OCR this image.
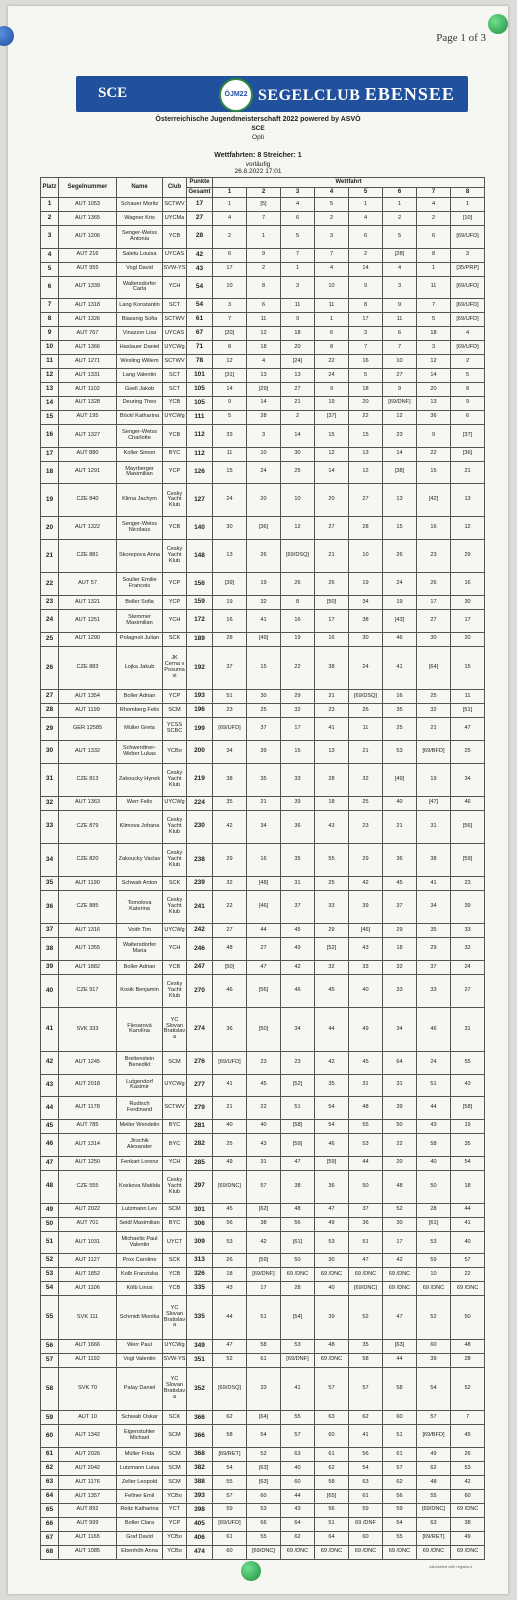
Page 1 of 3
SCE	ÖJM22 SEGELCLUB EBENSEE
Österreichische Jugendmeisterschaft 2022 powered by ASVÖ
SCE
Opti
Wettfahrten: 8 Streicher: 1
vorläufig
26.8.2022 17:01
Platz	Segelnummer	Name	Club	Punkte	Wettfahrt							
				Gesamt	1	2	3	4	5	6	7	8
1	AUT 1053	Schauer Moritz	SCTWV	17	1	[5]	4	5	1	1	4	1
2	AUT 1365	Wagner Kris	UYCMa	27	4	7	6	2	4	2	2	[10]
3	AUT 1206	Senger-Weiss Antonia	YCB	28	2	1	5	3	6	5	6	[69/UFD]
4	AUT 216	Saletu Louisa	UYCAS	42	6	9	7	7	2	[28]	8	3
5	AUT 955	Vogl David	SVW-YS	43	17	2	1	4	14	4	1	[35/PRP]
6	AUT 1339	Waltersdorfer Carla	YCH	54	10	8	3	10	9	3	11	[69/UFD]
7	AUT 1318	Lang Konstantin	SCT	54	3	6	11	11	8	9	7	[69/UFD]
8	AUT 1326	Blassnig Sofia	SCTWV	61	7	11	9	1	17	11	5	[69/UFD]
9	AUT 767	Vinazzer Lisa	UYCAS	67	[20]	12	18	6	3	6	18	4
10	AUT 1366	Haslauer Daniel	UYCWg	71	8	18	20	8	7	7	3	[69/UFD]
11	AUT 1271	Wesling Willem	SCTWV	78	12	4	[24]	22	16	10	12	2
12	AUT 1331	Lang Valentin	SCT	101	[31]	13	13	24	5	27	14	5
13	AUT 1102	Gsell Jakob	SCT	105	14	[29]	27	9	18	9	20	8
14	AUT 1328	Deuring Theo	YCB	105	9	14	21	19	20	[69/DNF]	13	9
15	AUT 195	Böckl Katharina	UYCWg	111	5	28	2	[37]	22	12	36	6
16	AUT 1327	Senger-Weiss Charlotte	YCB	112	33	3	14	15	15	23	9	[37]
17	AUT 880	Koller Simon	BYC	112	11	10	30	12	13	14	22	[36]
18	AUT 1291	Mayrberger Maximilian	YCP	126	15	24	25	14	12	[38]	15	21
19	CZE 840	Klima Jachym	Cesky Yacht Klub	127	24	20	10	20	27	13	[42]	13
20	AUT 1322	Senger-Weiss Nicolaus	YCB	140	30	[36]	12	27	28	15	16	12
21	CZE 881	Skorepova Anna	Cesky Yacht Klub	148	13	26	[69/DSQ]	21	10	26	23	29
22	AUT 57	Soulier Emilie Francois	YCP	156	[39]	19	26	26	19	24	26	16
23	AUT 1321	Boller Sofia	YCP	159	19	32	8	[50]	34	19	17	30
24	AUT 1251	Stemmer Maximilian	YCH	172	16	41	16	17	38	[43]	27	17
25	AUT 1290	Polagnoli Julian	SCK	189	28	[49]	19	16	30	46	30	20
26	CZE 883	Lojka Jakub	JK Cerna v Posumavi	192	37	15	22	38	24	41	[64]	15
27	AUT 1354	Boller Adrian	YCP	193	51	30	29	31	[69/DSQ]	16	25	11
28	AUT 1199	Rhomberg Felix	SCM	196	23	25	32	23	26	35	32	[51]
29	GER 12585	Müller Greta	YCSS SCBC	199	[69/UFD]	37	17	41	11	25	21	47
30	AUT 1332	Schwerdtner-Weber Lukas	YCBo	200	34	39	15	13	21	53	[69/BFD]	25
31	CZE 813	Zakoucky Hynek	Cesky Yacht Klub	219	38	35	33	28	32	[49]	19	34
32	AUT 1363	Werr Felix	UYCWg	224	35	21	39	18	25	40	[47]	46
33	CZE 879	Klimova Johana	Cesky Yacht Klub	230	42	34	36	43	23	21	31	[56]
34	CZE 820	Zakoucky Vaclav	Cesky Yacht Klub	238	29	16	35	55	29	36	38	[59]
35	AUT 1190	Schwab Anton	SCK	239	32	[48]	31	25	42	45	41	23
36	CZE 885	Tomolova Katerina	Cesky Yacht Klub	241	22	[46]	37	33	39	37	34	39
37	AUT 1316	Voith Tim	UYCWg	242	27	44	45	29	[46]	29	35	33
38	AUT 1355	Waltersdorfer Maria	YCH	246	48	27	49	[52]	43	18	29	32
39	AUT 1882	Boller Adrian	YCB	247	[50]	47	42	32	33	32	37	24
40	CZE 917	Kosik Benjamin	Cesky Yacht Klub	270	46	[56]	46	45	40	33	33	27
41	SVK 333	Flesarová Karolína	YC Slovan Bratislava	274	36	[50]	34	44	49	34	46	31
42	AUT 1245	Breitenstein Benedikt	SCM	276	[69/UFD]	23	23	42	45	64	24	55
43	AUT 2018	Lutgendorf Kasimir	UYCWg	277	41	45	[52]	35	31	31	51	43
44	AUT 1178	Rudisch Ferdinand	SCTWV	279	21	22	51	54	48	39	44	[58]
45	AUT 785	Meller Wendelin	BYC	281	40	40	[58]	54	55	50	43	19
46	AUT 1314	Jirschik Alexander	BYC	282	25	43	[59]	46	53	22	58	35
47	AUT 1250	Fenkart Lorenz	YCH	285	49	31	47	[59]	44	20	40	54
48	CZE 555	Koskova Matilda	Cesky Yacht Klub	297	[69/DNC]	57	38	36	50	48	50	18
49	AUT 2022	Lutzmann Lev	SCM	301	45	[62]	48	47	37	52	28	44
50	AUT 701	Seidl Maximilian	BYC	306	56	38	56	49	36	30	[61]	41
51	AUT 1031	Michaelis Paul Valentin	UYCT	309	53	42	[61]	53	51	17	53	40
52	AUT 1127	Prox Caroline	SCK	313	26	[59]	50	30	47	42	59	57
53	AUT 1852	Kolb Franziska	YCB	326	18	[69/DNF]	69 /DNC	69 /DNC	69 /DNC	69 /DNC	10	22
54	AUT 1106	Kölb Linus	YCB	335	43	17	28	40	[69/DNC]	69 /DNC	69 /DNC	69 /DNC
55	SVK 111	Schmidt Monika	YC Slovan Bratislava	335	44	51	[54]	39	52	47	52	50
56	AUT 1666	Werr Paul	UYCWg	349	47	58	53	48	35	[63]	60	48
57	AUT 1192	Vogl Valentin	SVW-YS	351	52	61	[69/DNF]	69 /DNC	58	44	39	28
58	SVK 70	Palay Daniel	YC Slovan Bratislava	352	[69/DSQ]	33	41	57	57	58	54	52
59	AUT 10	Schwab Oskar	SCK	366	62	[64]	55	63	62	60	57	7
60	AUT 1342	Eigenstuhler Michael	SCM	366	58	54	57	60	41	51	[69/BFD]	45
61	AUT 2026	Müller Frida	SCM	368	[69/RET]	52	63	61	56	61	49	26
62	AUT 2042	Lutzmann Luisa	SCM	382	54	[63]	40	62	54	57	62	53
63	AUT 1176	Zeller Leopold	SCM	388	55	[63]	60	58	63	62	48	42
64	AUT 1357	Fellner Emil	YCBo	393	57	60	44	[65]	61	56	55	60
65	AUT 892	Reitz Katharina	YCT	398	59	53	43	56	59	59	[69/DNC]	69 /DNC
66	AUT 999	Boller Clara	YCP	405	[69/UFD]	66	64	51	69 /DNF	54	63	38
67	AUT 1165	Graf David	YCBo	406	61	55	62	64	60	55	[69/RET]	49
68	AUT 1085	Ebenhöh Anna	YCBo	474	60	[69/DNC]	69 /DNC	69 /DNC	69 /DNC	69 /DNC	69 /DNC	69 /DNC
calculated with regatta.it
